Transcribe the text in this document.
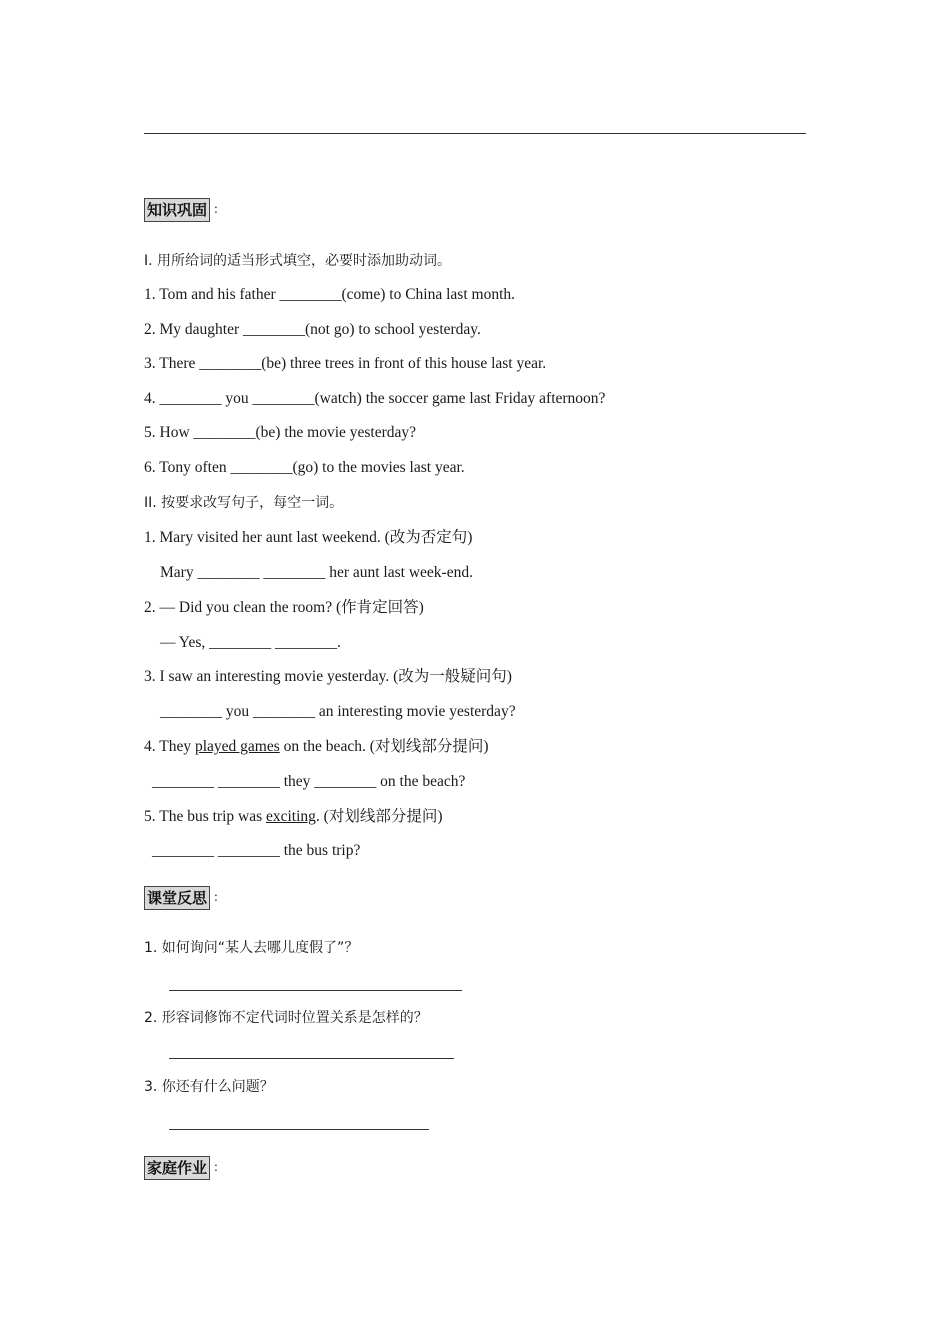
知识巩固 :
I. 用所给词的适当形式填空，必要时添加助动词。
1. Tom and his father ________(come) to China last month.
2. My daughter ________(not go) to school yesterday.
3. There ________(be) three trees in front of this house last year.
4. ________ you ________(watch) the soccer game last Friday afternoon?
5. How ________(be) the movie yesterday?
6. Tony often ________(go) to the movies last year.
II. 按要求改写句子，每空一词。
1. Mary visited her aunt last weekend. (改为否定句)
Mary ________ ________ her aunt last week-end.
2. — Did you clean the room? (作肯定回答)
— Yes, ________ ________.
3. I saw an interesting movie yesterday. (改为一般疑问句)
________ you ________ an interesting movie yesterday?
4. They played games on the beach. (对划线部分提问)
________ ________ they ________ on the beach?
5. The bus trip was exciting. (对划线部分提问)
________ ________ the bus trip?
课堂反思 :
1. 如何询问“某人去哪儿度假了”？
2. 形容词修饰不定代词时位置关系是怎样的？
3. 你还有什么问题？
家庭作业 :
